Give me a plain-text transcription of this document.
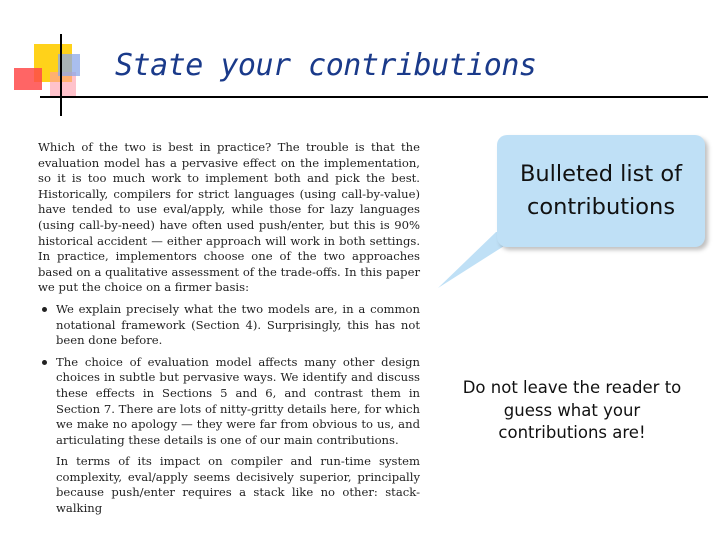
State your contributions

Which of the two is best in practice? The trouble is that the evaluation model has a pervasive effect on the implementation, so it is too much work to implement both and pick the best. Historically, compilers for strict languages (using call-by-value) have tended to use eval/apply, while those for lazy languages (using call-by-need) have often used push/enter, but this is 90% historical accident — either approach will work in both settings. In practice, implementors choose one of the two approaches based on a qualitative assessment of the trade-offs. In this paper we put the choice on a firmer basis:

We explain precisely what the two models are, in a common notational framework (Section 4). Surprisingly, this has not been done before.
The choice of evaluation model affects many other design choices in subtle but pervasive ways. We identify and discuss these effects in Sections 5 and 6, and contrast them in Section 7. There are lots of nitty-gritty details here, for which we make no apology — they were far from obvious to us, and articulating these details is one of our main contributions.

In terms of its impact on compiler and run-time system complexity, eval/apply seems decisively superior, principally because push/enter requires a stack like no other: stack-walking

Bulleted list of contributions
Do not leave the reader to guess what your contributions are!
